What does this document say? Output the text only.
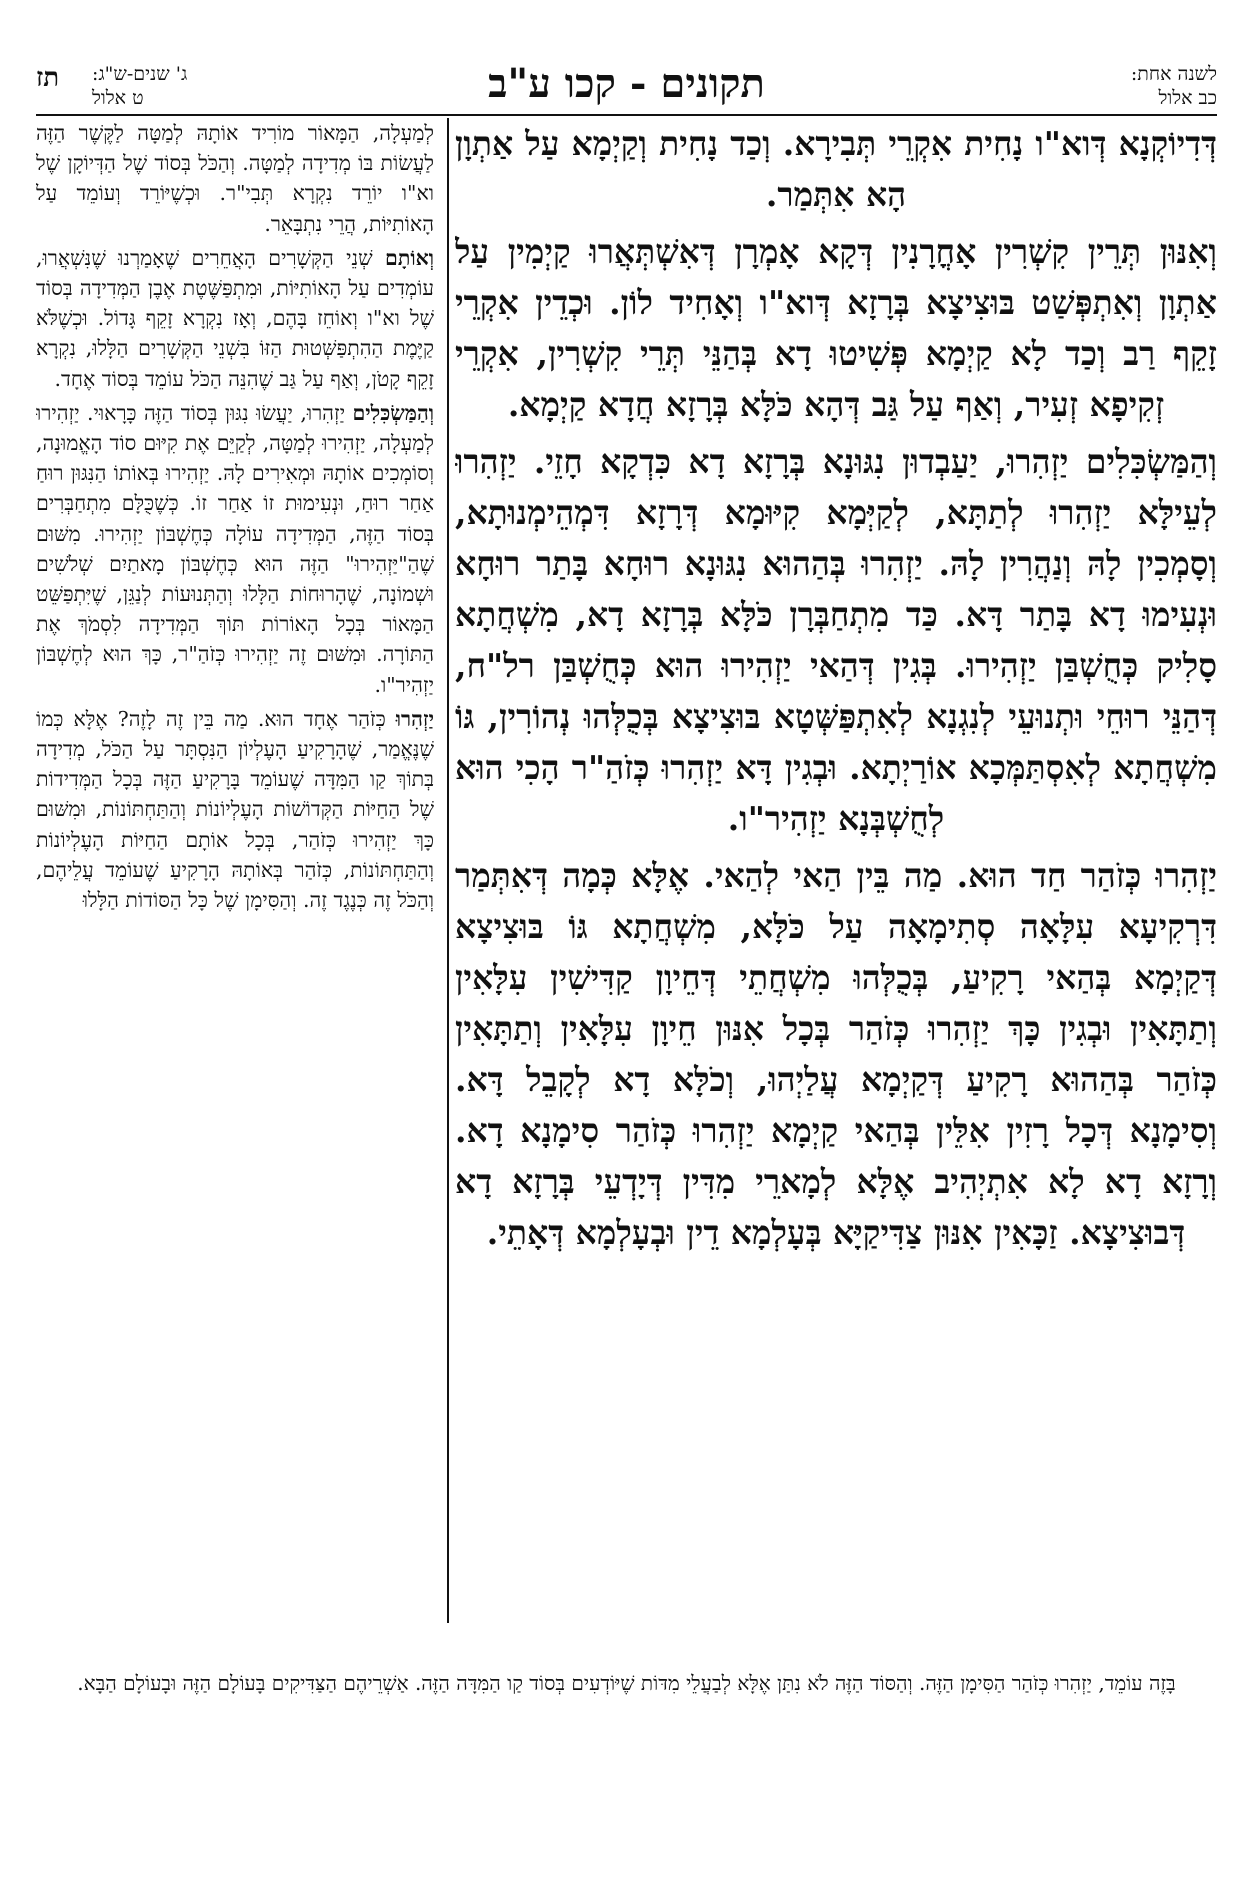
לשנה אחת:
כב אלול
תקונים - קכו ע"ב
ג' שנים-ש"ג:
ט אלול
תז

דְּדִיוֹקְנָא דְּוא"ו נָחִית אִקְרֵי תְּבִירָא. וְכַד נָחִית וְקַיְמָא עַל אַתְוָן הָא אִתְּמַר.

וְאִנּוּן תְּרֵין קִשְׁרִין אָחֳרָנִין דְּקָא אָמְרָן דְּאִשְׁתְּאֲרוּ קַיְמִין עַל אַתְוָן וְאִתְפְּשַׁט בּוּצִיצָא בְּרָזָא דְּוא"ו וְאָחִיד לוֹן. וּכְדֵין אִקְרֵי זָקֵף רַב וְכַד לָא קַיְמָא פְּשִׁיטוּ דָא בְּהַנֵּי תְּרֵי קִשְׁרִין, אִקְרֵי זְקִיפָא זְעִיר, וְאַף עַל גַּב דְּהָא כֹּלָּא בְּרָזָא חֲדָא קַיְמָא.

וְהַמַּשְׂכִּלִים יַזְהִרוּ, יַעַבְדוּן נִגּוּנָא בְּרָזָא דָא כִּדְקָא חָזֵי. יַזְהִרוּ לְעֵילָּא יַזְהִרוּ לְתַתָּא, לְקַיְּמָא קִיּוּמָא דְּרָזָא דִּמְהֵימְנוּתָא, וְסָמְכִין לָהּ וְנַהֲרִין לָהּ. יַזְהִרוּ בְּהַהוּא נִגּוּנָא רוּחָא בָּתַר רוּחָא וּנְעִימוּ דָא בָּתַר דָּא. כַּד מִתְחַבְּרָן כֹּלָּא בְּרָזָא דָא, מִשְׁחֲתָא סָלִיק כְּחֻשְׁבַּן יַזְהִירוּ. בְּגִין דְּהַאי יַזְהִירוּ הוּא כְּחֻשְׁבַּן רל"ח, דְּהַנֵּי רוּחֵי וּתְנוּעֵי לְנִגְנָא לְאִתְפַּשְּׁטָא בּוּצִיצָא בְּכֻלְּהוּ נְהוֹרִין, גּוֹ מִשְׁחֲתָא לְאִסְתַּמְּכָא אוֹרַיְתָא. וּבְגִין דָּא יַזְהִרוּ כְּזֹהַ"ר הָכִי הוּא לְחֻשְׁבְּנָא יַזְהִיר"ו.

יַזְהִרוּ כְּזֹהַר חַד הוּא. מַה בֵּין הַאי לְהַאי. אֶלָּא כְּמָה דְּאִתְּמַר דִּרְקִיעָא עִלָּאָה סְתִימָאָה עַל כֹּלָּא, מִשְׁחֲתָא גּוֹ בּוּצִיצָא דְּקַיְמָא בְּהַאי רָקִיעַ, בְּכֻלְּהוּ מִשְׁחֲתֵי דְּחֵיוָן קַדִּישִׁין עִלָּאִין וְתַתָּאִין וּבְגִין כָּךְ יַזְהִרוּ כְּזֹהַר בְּכָל אִנּוּן חֵיוָן עִלָּאִין וְתַתָּאִין כְּזֹהַר בְּהַהוּא רָקִיעַ דְּקַיְמָא עֲלַיְהוּ, וְכֹלָּא דָא לְקָבֵל דָּא. וְסִימָנָא דְּכָל רָזִין אִלֵּין בְּהַאי קַיְמָא יַזְהִרוּ כְּזֹהַר סִימָנָא דָא. וְרָזָא דָא לָא אִתְיְהִיב אֶלָּא לְמָארֵי מִדִּין דְּיָדְעֵי בְּרָזָא דָא דְּבוּצִיצָא. זַכָּאִין אִנּוּן צַדִּיקַיָּא בְּעָלְמָא דֵין וּבְעָלְמָא דְּאָתֵי.

לְמַעְלָה, הַמָּאוֹר מוֹרִיד אוֹתָהּ לְמַטָּה לַקֶּשֶׁר הַזֶּה לַעֲשׂוֹת בּוֹ מְדִידָה לְמַטָּה. וְהַכֹּל בְּסוֹד שֶׁל הַדְּיוֹקָן שֶׁל וא"ו יוֹרֵד נִקְרָא תְּבִי"ר. וּכְשֶׁיּוֹרֵד וְעוֹמֵד עַל הָאוֹתִיּוֹת, הֲרֵי נִתְבָּאֵר.

וְאוֹתָם שְׁנֵי הַקְּשָׁרִים הָאֲחֵרִים שֶׁאָמַרְנוּ שֶׁנִּשְׁאֲרוּ, עוֹמְדִים עַל הָאוֹתִיּוֹת, וּמִתְפַּשֶּׁטֶת אֶבֶן הַמְּדִידָה בְּסוֹד שֶׁל וא"ו וְאוֹחֵז בָּהֶם, וְאָז נִקְרָא זָקֵף גָּדוֹל. וּכְשֶׁלֹּא קַיֶּמֶת הַהִתְפַּשְּׁטוּת הַזּוֹ בִּשְׁנֵי הַקְּשָׁרִים הַלָּלוּ, נִקְרָא זָקֵף קָטֹן, וְאַף עַל גַּב שֶׁהִנֵּה הַכֹּל עוֹמֵד בְּסוֹד אֶחָד.

וְהַמַּשְׂכִּלִים יַזְהִרוּ, יַעֲשׂוּ נִגּוּן בְּסוֹד הַזֶּה כָּרָאוּי. יַזְהִירוּ לְמַעְלָה, יַזְהִירוּ לְמַטָּה, לְקַיֵּם אֶת קִיּוּם סוֹד הָאֱמוּנָה, וְסוֹמְכִים אוֹתָהּ וּמְאִירִים לָהּ. יַזְהִירוּ בְּאוֹתוֹ הַנִּגּוּן רוּחַ אַחַר רוּחַ, וּנְעִימוּת זוֹ אַחַר זוֹ. כְּשֶׁכֻּלָּם מִתְחַבְּרִים בְּסוֹד הַזֶּה, הַמְּדִידָה עוֹלָה כְּחֶשְׁבּוֹן יַזְהִירוּ. מִשּׁוּם שֶׁהַ"יַּזְהִירוּ" הַזֶּה הוּא כְּחֶשְׁבּוֹן מָאתַיִם שְׁלֹשִׁים וּשְׁמוֹנָה, שֶׁהָרוּחוֹת הַלָּלוּ וְהַתְּנוּעוֹת לְנַגֵּן, שֶׁיִּתְפַּשֵּׁט הַמָּאוֹר בְּכָל הָאוֹרוֹת תּוֹךְ הַמְּדִידָה לִסְמֹךְ אֶת הַתּוֹרָה. וּמִשּׁוּם זֶה יַזְהִירוּ כְּזֹהַ"ר, כָּךְ הוּא לְחֶשְׁבּוֹן יַזְהִיר"ו.

יַזְהִרוּ כְּזֹהַר אֶחָד הוּא. מַה בֵּין זֶה לָזֶה? אֶלָּא כְּמוֹ שֶׁנֶּאֱמַר, שֶׁהָרָקִיעַ הָעֶלְיוֹן הַנִּסְתָּר עַל הַכֹּל, מְדִידָה בְּתוֹךְ קַו הַמִּדָּה שֶׁעוֹמֵד בָּרָקִיעַ הַזֶּה בְּכָל הַמְּדִידוֹת שֶׁל הַחַיּוֹת הַקְּדוֹשׁוֹת הָעֶלְיוֹנוֹת וְהַתַּחְתּוֹנוֹת, וּמִשּׁוּם כָּךְ יַזְהִירוּ כְּזֹהַר, בְּכָל אוֹתָם הַחַיּוֹת הָעֶלְיוֹנוֹת וְהַתַּחְתּוֹנוֹת, כְּזֹהַר בְּאוֹתָהּ הָרָקִיעַ שֶׁעוֹמֵד עֲלֵיהֶם, וְהַכֹּל זֶה כְּנֶגֶד זֶה. וְהַסִּימָן שֶׁל כָּל הַסּוֹדוֹת הַלָּלוּ

בָּזֶה עוֹמֵד, יַזְהִרוּ כְּזֹהַר הַסִּימָן הַזֶּה. וְהַסּוֹד הַזֶּה לֹא נִתַּן אֶלָּא לְבַעֲלֵי מִדּוֹת שֶׁיּוֹדְעִים בְּסוֹד קַו הַמִּדָּה הַזֶּה. אַשְׁרֵיהֶם הַצַּדִּיקִים בָּעוֹלָם הַזֶּה וּבָעוֹלָם הַבָּא.
